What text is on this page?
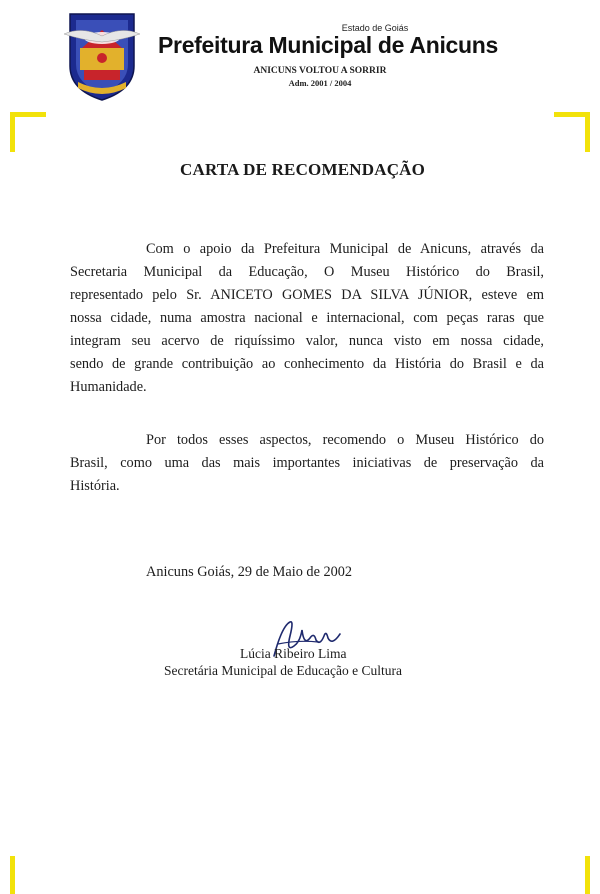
Estado de Goiás
Prefeitura Municipal de Anicuns
ANICUNS VOLTOU A SORRIR
Adm. 2001 / 2004
CARTA DE RECOMENDAÇÃO
Com o apoio da Prefeitura Municipal de Anicuns, através da
Secretaria Municipal da Educação, O Museu Histórico do Brasil,
representado pelo Sr. ANICETO GOMES DA SILVA JÚNIOR, esteve em
nossa cidade, numa amostra nacional e internacional, com peças raras que
integram seu acervo de riquíssimo valor, nunca visto em nossa cidade,
sendo de grande contribuição ao conhecimento da História do Brasil e da
Humanidade.
Por todos esses aspectos, recomendo o Museu Histórico do
Brasil, como uma das mais importantes iniciativas de preservação da
História.
Anicuns Goiás, 29 de Maio de 2002
Lúcia Ribeiro Lima
Secretária Municipal de Educação e Cultura
